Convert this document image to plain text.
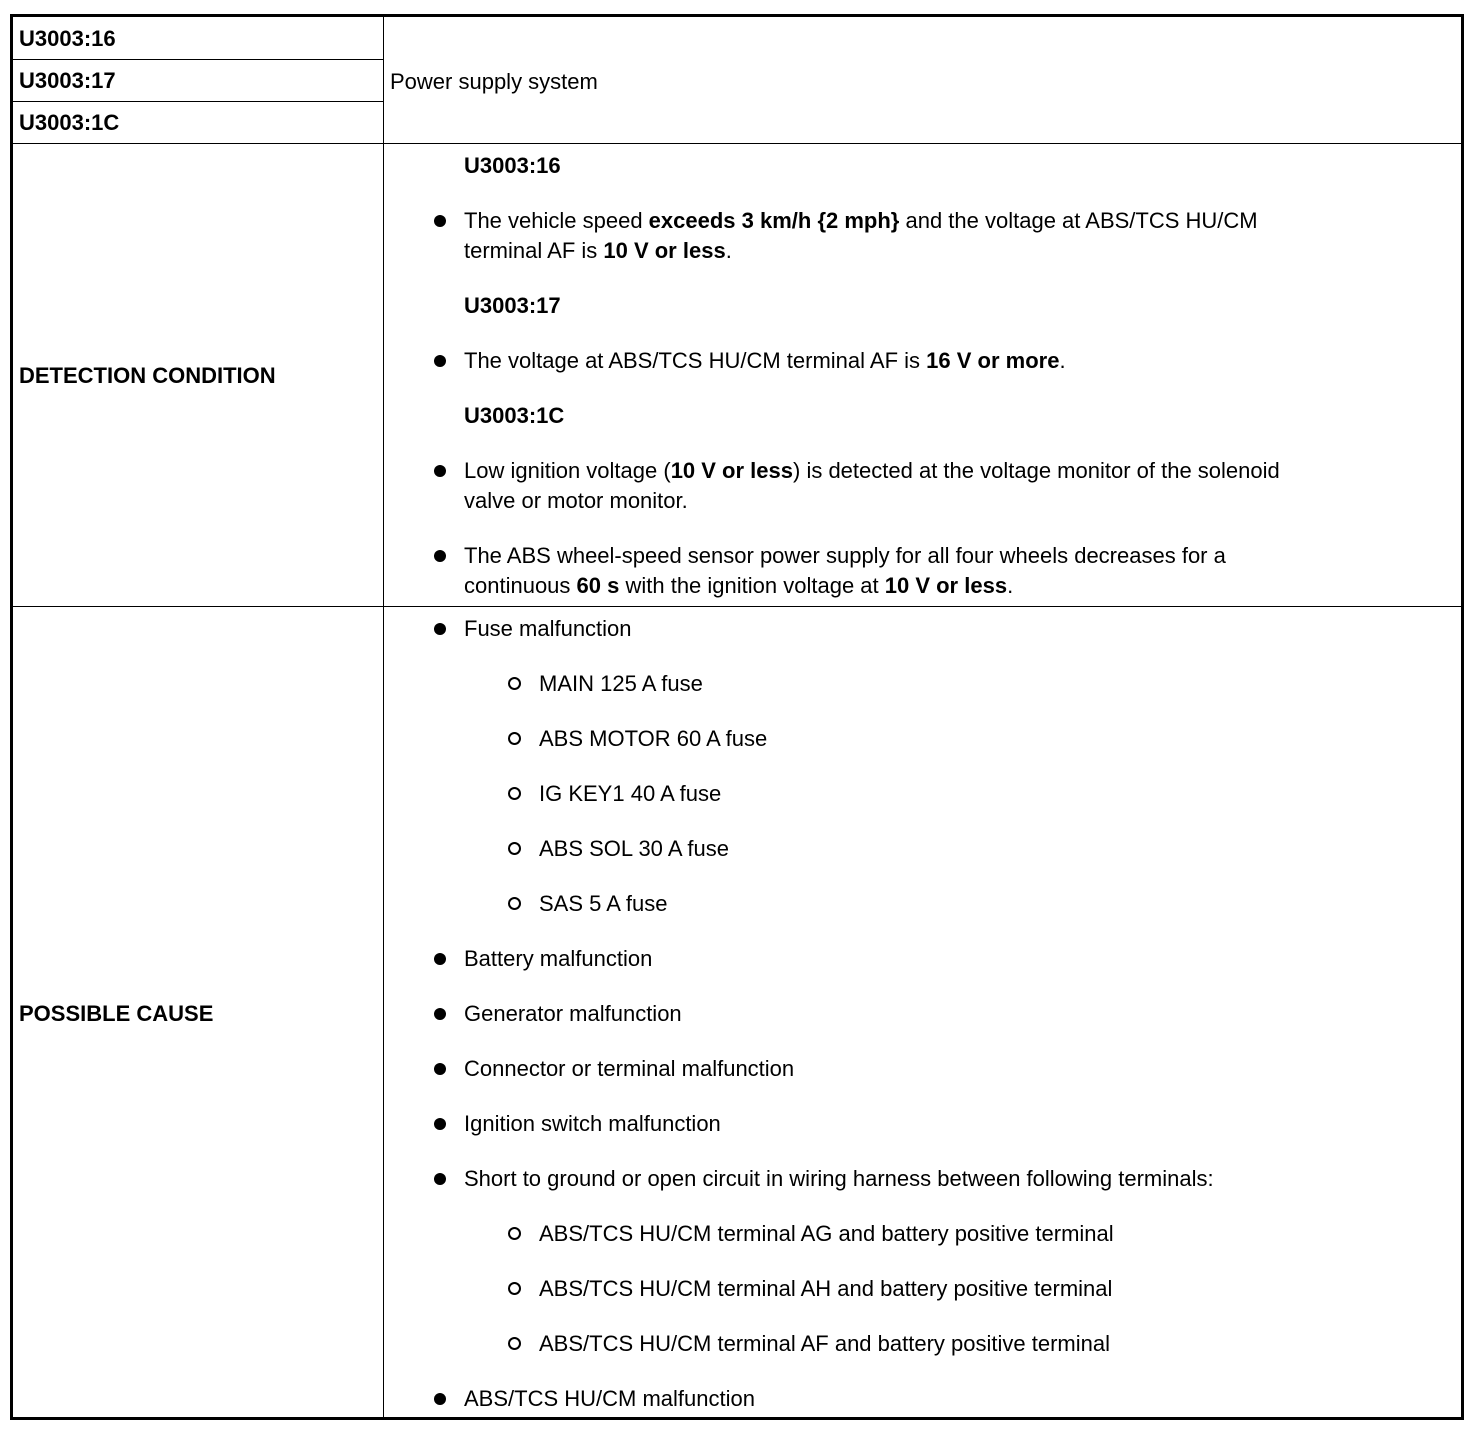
U3003:16
U3003:17
U3003:1C
Power supply system
DETECTION CONDITION
U3003:16
The vehicle speed exceeds 3 km/h {2 mph} and the voltage at ABS/TCS HU/CM
terminal AF is 10 V or less.
U3003:17
The voltage at ABS/TCS HU/CM terminal AF is 16 V or more.
U3003:1C
Low ignition voltage (10 V or less) is detected at the voltage monitor of the solenoid
valve or motor monitor.
The ABS wheel-speed sensor power supply for all four wheels decreases for a
continuous 60 s with the ignition voltage at 10 V or less.
POSSIBLE CAUSE
Fuse malfunction
MAIN 125 A fuse
ABS MOTOR 60 A fuse
IG KEY1 40 A fuse
ABS SOL 30 A fuse
SAS 5 A fuse
Battery malfunction
Generator malfunction
Connector or terminal malfunction
Ignition switch malfunction
Short to ground or open circuit in wiring harness between following terminals:
ABS/TCS HU/CM terminal AG and battery positive terminal
ABS/TCS HU/CM terminal AH and battery positive terminal
ABS/TCS HU/CM terminal AF and battery positive terminal
ABS/TCS HU/CM malfunction
